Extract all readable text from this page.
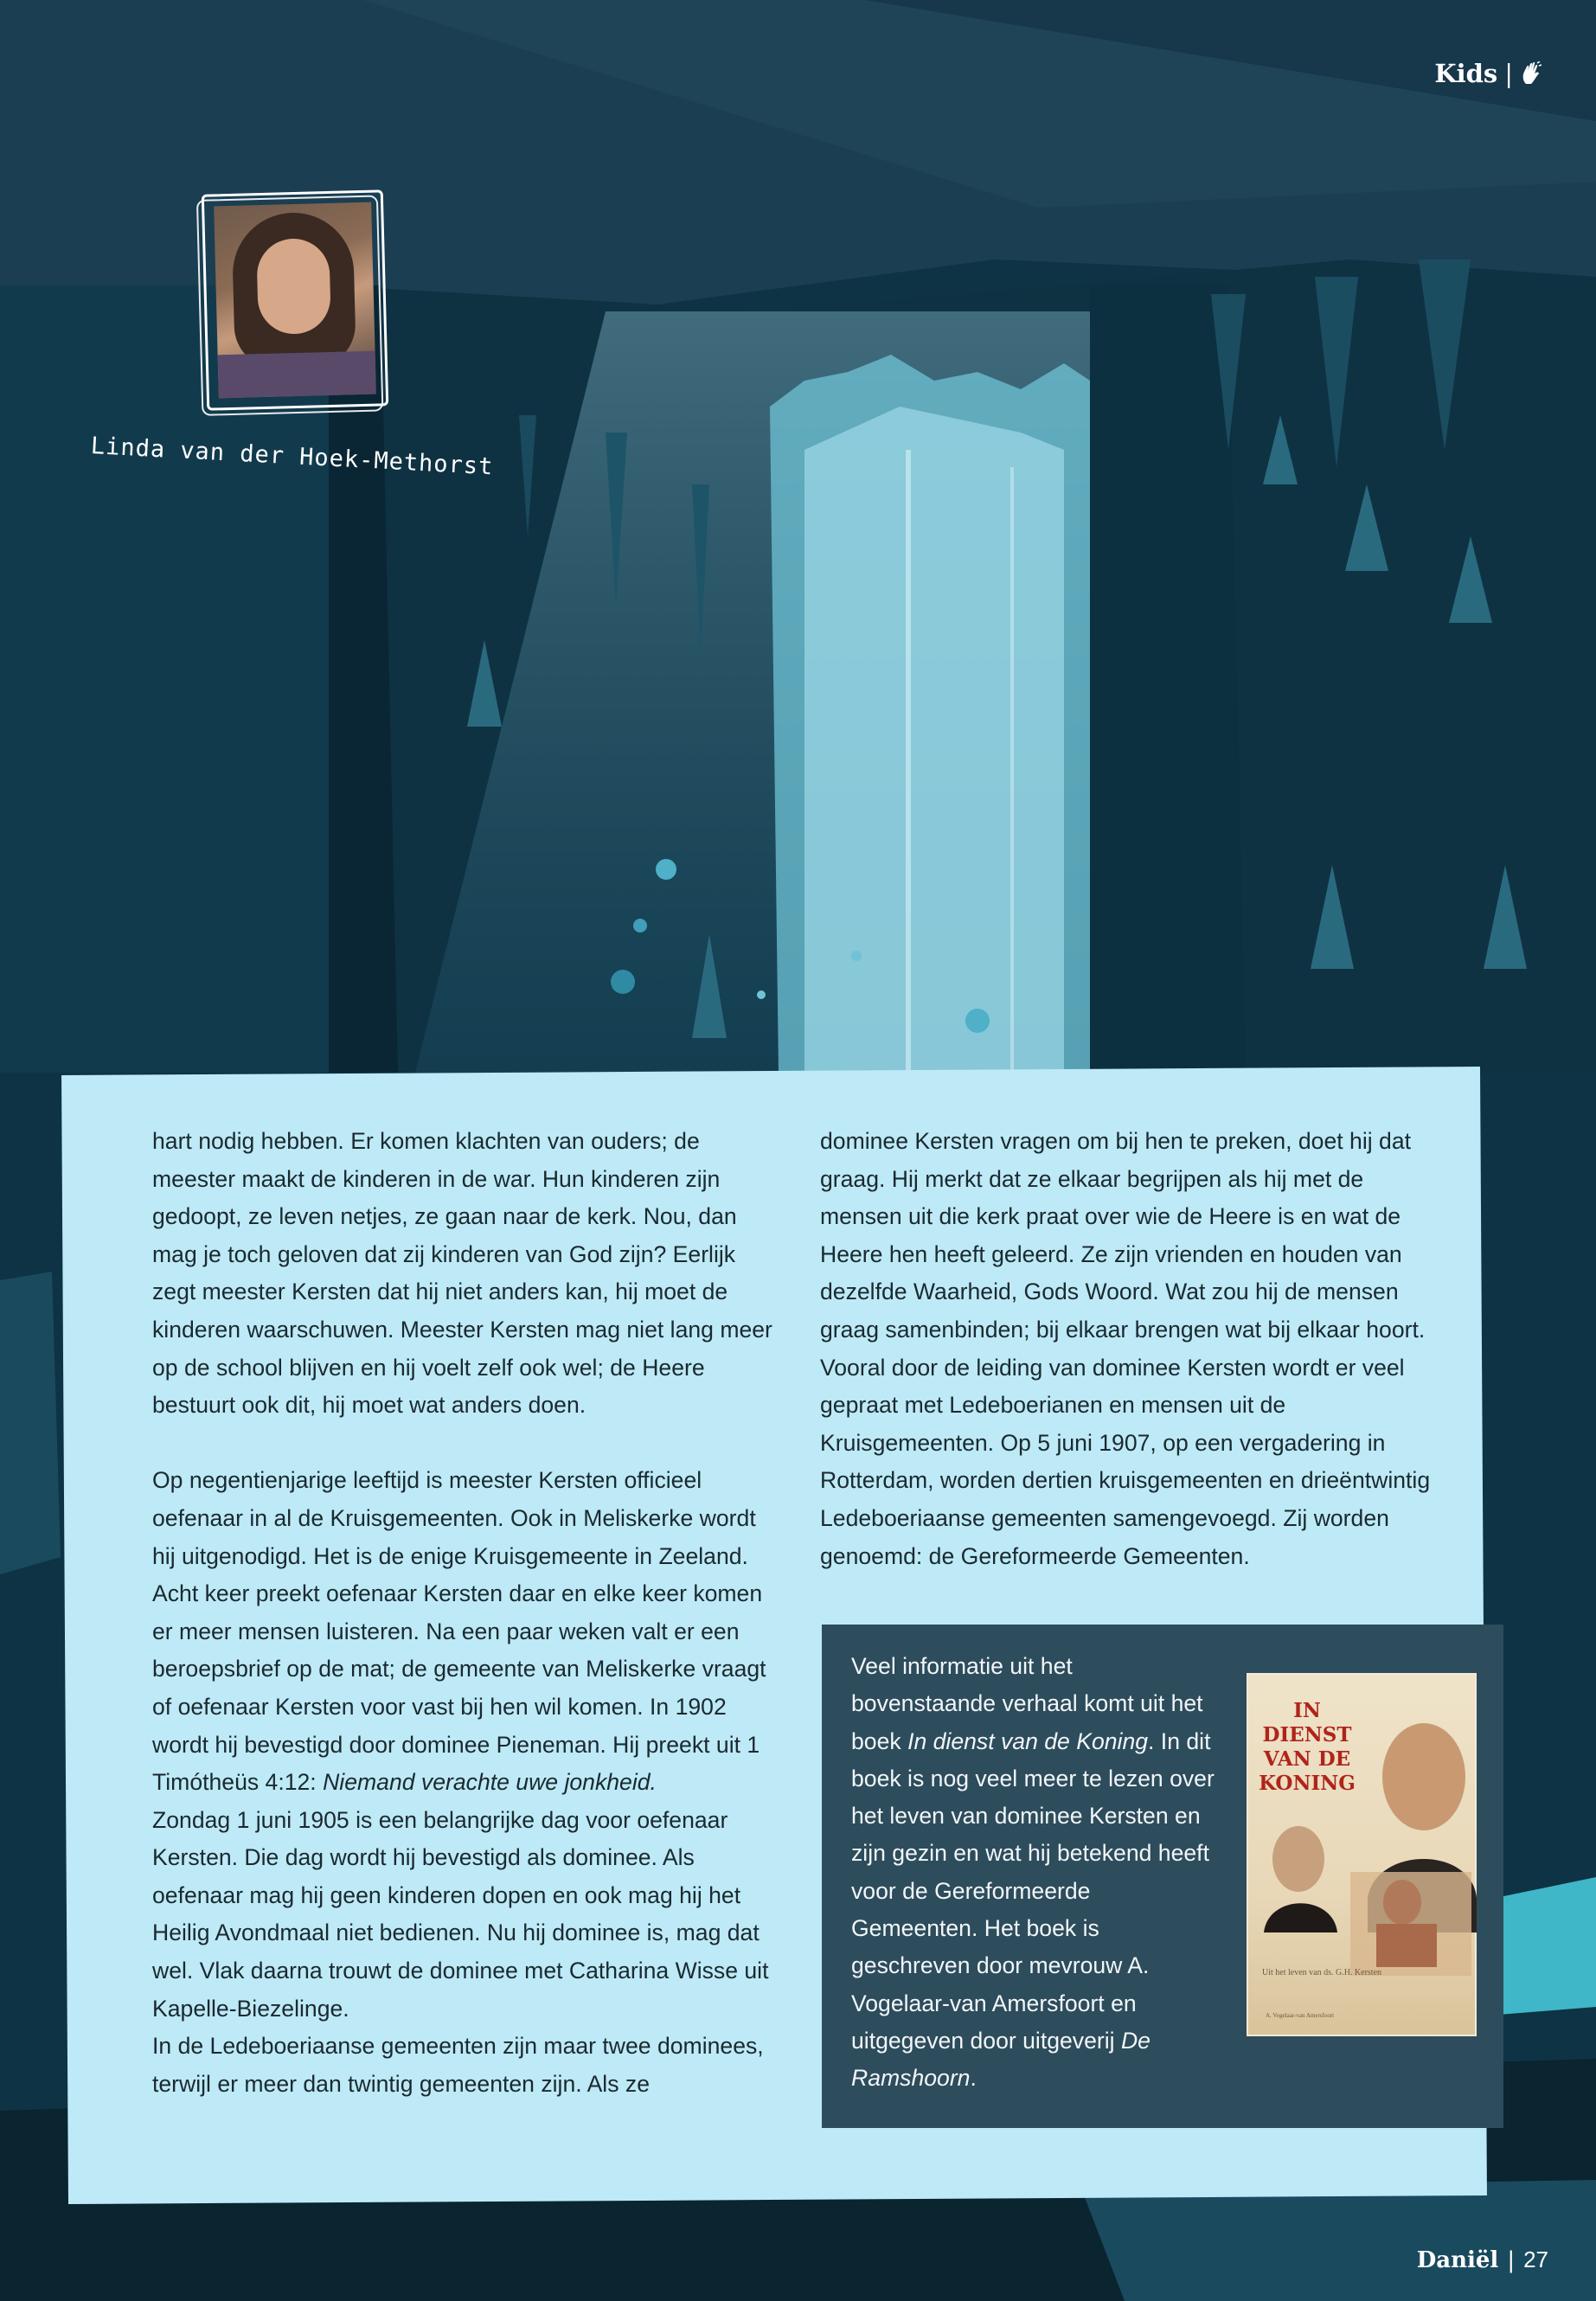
Kids |
Linda van der Hoek-Methorst

hart nodig hebben. Er komen klachten van ouders; de meester maakt de kinderen in de war. Hun kinderen zijn gedoopt, ze leven netjes, ze gaan naar de kerk. Nou, dan mag je toch geloven dat zij kinderen van God zijn? Eerlijk zegt meester Kersten dat hij niet anders kan, hij moet de kinderen waarschuwen. Meester Kersten mag niet lang meer op de school blijven en hij voelt zelf ook wel; de Heere bestuurt ook dit, hij moet wat anders doen.

Op negentienjarige leeftijd is meester Kersten officieel oefenaar in al de Kruisgemeenten. Ook in Meliskerke wordt hij uitgenodigd. Het is de enige Kruisgemeente in Zeeland. Acht keer preekt oefenaar Kersten daar en elke keer komen er meer mensen luisteren. Na een paar weken valt er een beroepsbrief op de mat; de gemeente van Meliskerke vraagt of oefenaar Kersten voor vast bij hen wil komen. In 1902 wordt hij bevestigd door dominee Pieneman. Hij preekt uit 1 Timótheüs 4:12: Niemand verachte uwe jonkheid.

Zondag 1 juni 1905 is een belangrijke dag voor oefenaar Kersten. Die dag wordt hij bevestigd als dominee. Als oefenaar mag hij geen kinderen dopen en ook mag hij het Heilig Avondmaal niet bedienen. Nu hij dominee is, mag dat wel. Vlak daarna trouwt de dominee met Catharina Wisse uit Kapelle-Biezelinge.

In de Ledeboeriaanse gemeenten zijn maar twee dominees, terwijl er meer dan twintig gemeenten zijn. Als ze

dominee Kersten vragen om bij hen te preken, doet hij dat graag. Hij merkt dat ze elkaar begrijpen als hij met de mensen uit die kerk praat over wie de Heere is en wat de Heere hen heeft geleerd. Ze zijn vrienden en houden van dezelfde Waarheid, Gods Woord. Wat zou hij de mensen graag samenbinden; bij elkaar brengen wat bij elkaar hoort. Vooral door de leiding van dominee Kersten wordt er veel gepraat met Ledeboerianen en mensen uit de Kruisgemeenten. Op 5 juni 1907, op een vergadering in Rotterdam, worden dertien kruisgemeenten en drieëntwintig Ledeboeriaanse gemeenten samengevoegd. Zij worden genoemd: de Gereformeerde Gemeenten.

Veel informatie uit het bovenstaande verhaal komt uit het boek In dienst van de Koning. In dit boek is nog veel meer te lezen over het leven van dominee Kersten en zijn gezin en wat hij betekend heeft voor de Gereformeerde Gemeenten. Het boek is geschreven door mevrouw A. Vogelaar-van Amersfoort en uitgegeven door uitgeverij De Ramshoorn.
IN DIENST VAN DE KONING
Uit het leven van ds. G.H. Kersten
A. Vogelaar-van Amersfoort
Daniël | 27
